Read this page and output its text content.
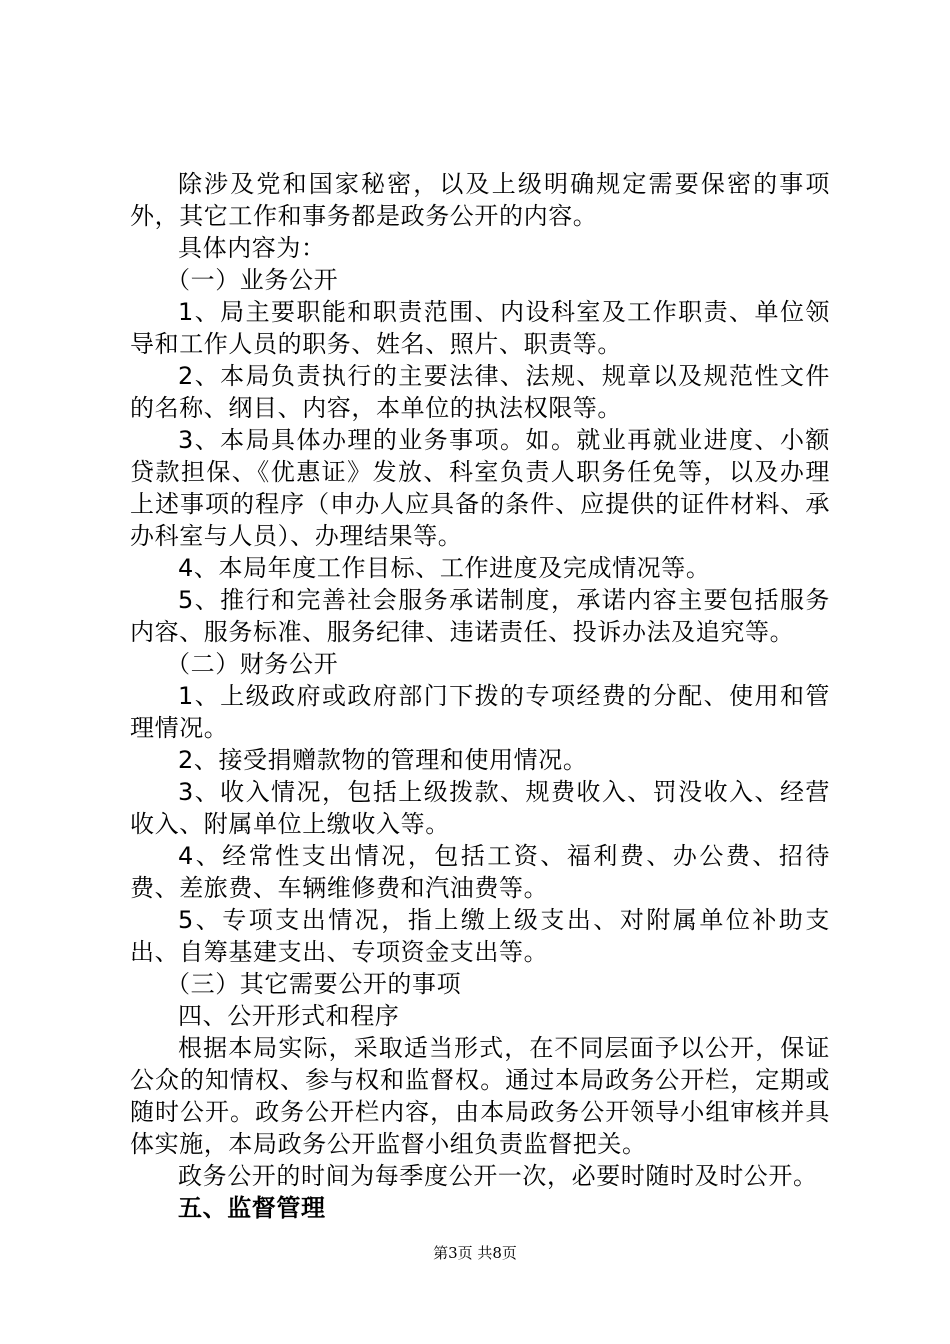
除涉及党和国家秘密，以及上级明确规定需要保密的事项外，其它工作和事务都是政务公开的内容。

具体内容为：

（一）业务公开

1、局主要职能和职责范围、内设科室及工作职责、单位领导和工作人员的职务、姓名、照片、职责等。

2、本局负责执行的主要法律、法规、规章以及规范性文件的名称、纲目、内容，本单位的执法权限等。

3、本局具体办理的业务事项。如。就业再就业进度、小额贷款担保、《优惠证》发放、科室负责人职务任免等，以及办理上述事项的程序（申办人应具备的条件、应提供的证件材料、承办科室与人员）、办理结果等。

4、本局年度工作目标、工作进度及完成情况等。

5、推行和完善社会服务承诺制度，承诺内容主要包括服务内容、服务标准、服务纪律、违诺责任、投诉办法及追究等。

（二）财务公开

1、上级政府或政府部门下拨的专项经费的分配、使用和管理情况。

2、接受捐赠款物的管理和使用情况。

3、收入情况，包括上级拨款、规费收入、罚没收入、经营收入、附属单位上缴收入等。

4、经常性支出情况，包括工资、福利费、办公费、招待费、差旅费、车辆维修费和汽油费等。

5、专项支出情况，指上缴上级支出、对附属单位补助支出、自筹基建支出、专项资金支出等。

（三）其它需要公开的事项

四、公开形式和程序

根据本局实际，采取适当形式，在不同层面予以公开，保证公众的知情权、参与权和监督权。通过本局政务公开栏，定期或随时公开。政务公开栏内容，由本局政务公开领导小组审核并具体实施，本局政务公开监督小组负责监督把关。

政务公开的时间为每季度公开一次，必要时随时及时公开。

五、监督管理

第3页 共8页
